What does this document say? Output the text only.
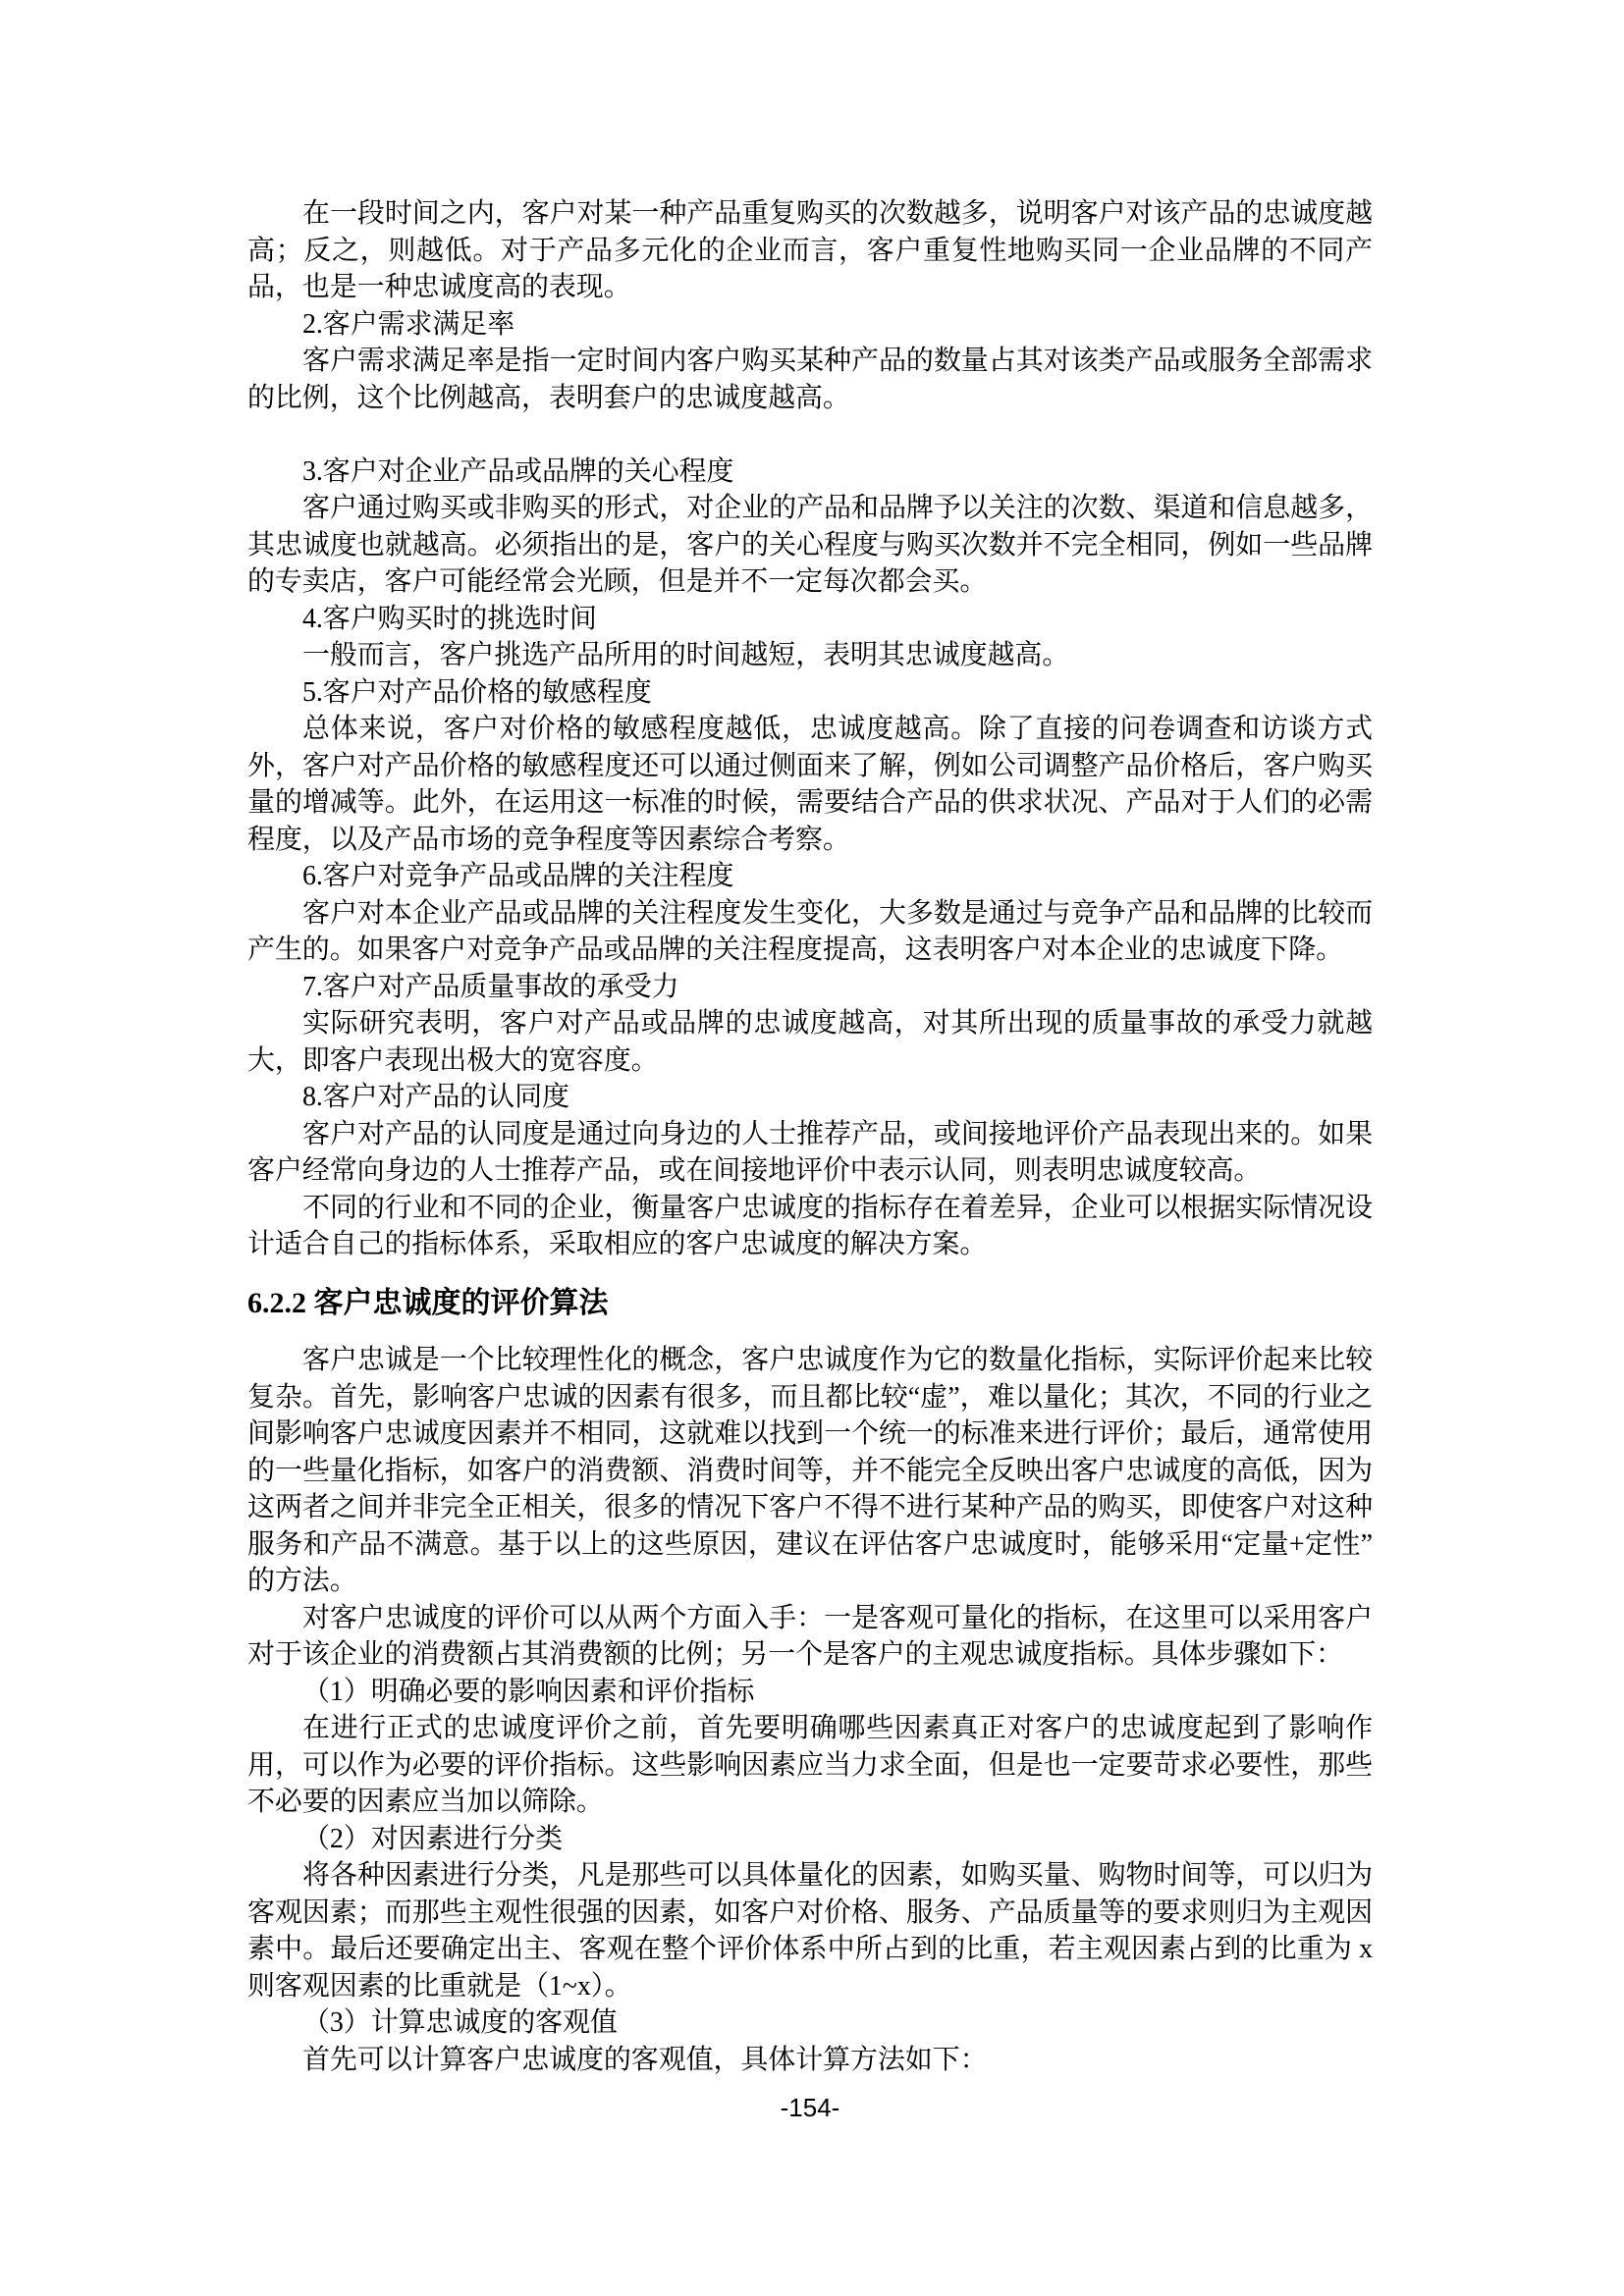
在一段时间之内，客户对某一种产品重复购买的次数越多，说明客户对该产品的忠诚度越高；反之，则越低。对于产品多元化的企业而言，客户重复性地购买同一企业品牌的不同产品，也是一种忠诚度高的表现。
2.客户需求满足率
客户需求满足率是指一定时间内客户购买某种产品的数量占其对该类产品或服务全部需求的比例，这个比例越高，表明套户的忠诚度越高。
3.客户对企业产品或品牌的关心程度
客户通过购买或非购买的形式，对企业的产品和品牌予以关注的次数、渠道和信息越多，其忠诚度也就越高。必须指出的是，客户的关心程度与购买次数并不完全相同，例如一些品牌的专卖店，客户可能经常会光顾，但是并不一定每次都会买。
4.客户购买时的挑选时间
一般而言，客户挑选产品所用的时间越短，表明其忠诚度越高。
5.客户对产品价格的敏感程度
总体来说，客户对价格的敏感程度越低，忠诚度越高。除了直接的问卷调查和访谈方式外，客户对产品价格的敏感程度还可以通过侧面来了解，例如公司调整产品价格后，客户购买量的增减等。此外，在运用这一标准的时候，需要结合产品的供求状况、产品对于人们的必需程度，以及产品市场的竞争程度等因素综合考察。
6.客户对竞争产品或品牌的关注程度
客户对本企业产品或品牌的关注程度发生变化，大多数是通过与竞争产品和品牌的比较而产生的。如果客户对竞争产品或品牌的关注程度提高，这表明客户对本企业的忠诚度下降。
7.客户对产品质量事故的承受力
实际研究表明，客户对产品或品牌的忠诚度越高，对其所出现的质量事故的承受力就越大，即客户表现出极大的宽容度。
8.客户对产品的认同度
客户对产品的认同度是通过向身边的人士推荐产品，或间接地评价产品表现出来的。如果客户经常向身边的人士推荐产品，或在间接地评价中表示认同，则表明忠诚度较高。
不同的行业和不同的企业，衡量客户忠诚度的指标存在着差异，企业可以根据实际情况设计适合自己的指标体系，采取相应的客户忠诚度的解决方案。
6.2.2 客户忠诚度的评价算法
客户忠诚是一个比较理性化的概念，客户忠诚度作为它的数量化指标，实际评价起来比较复杂。首先，影响客户忠诚的因素有很多，而且都比较“虚”，难以量化；其次，不同的行业之间影响客户忠诚度因素并不相同，这就难以找到一个统一的标准来进行评价；最后，通常使用的一些量化指标，如客户的消费额、消费时间等，并不能完全反映出客户忠诚度的高低，因为这两者之间并非完全正相关，很多的情况下客户不得不进行某种产品的购买，即使客户对这种服务和产品不满意。基于以上的这些原因，建议在评估客户忠诚度时，能够采用“定量+定性”的方法。
对客户忠诚度的评价可以从两个方面入手：一是客观可量化的指标，在这里可以采用客户对于该企业的消费额占其消费额的比例；另一个是客户的主观忠诚度指标。具体步骤如下：
（1）明确必要的影响因素和评价指标
在进行正式的忠诚度评价之前，首先要明确哪些因素真正对客户的忠诚度起到了影响作用，可以作为必要的评价指标。这些影响因素应当力求全面，但是也一定要苛求必要性，那些不必要的因素应当加以筛除。
（2）对因素进行分类
将各种因素进行分类，凡是那些可以具体量化的因素，如购买量、购物时间等，可以归为客观因素；而那些主观性很强的因素，如客户对价格、服务、产品质量等的要求则归为主观因素中。最后还要确定出主、客观在整个评价体系中所占到的比重，若主观因素占到的比重为 x 则客观因素的比重就是（1~x）。
（3）计算忠诚度的客观值
首先可以计算客户忠诚度的客观值，具体计算方法如下：
-154-
